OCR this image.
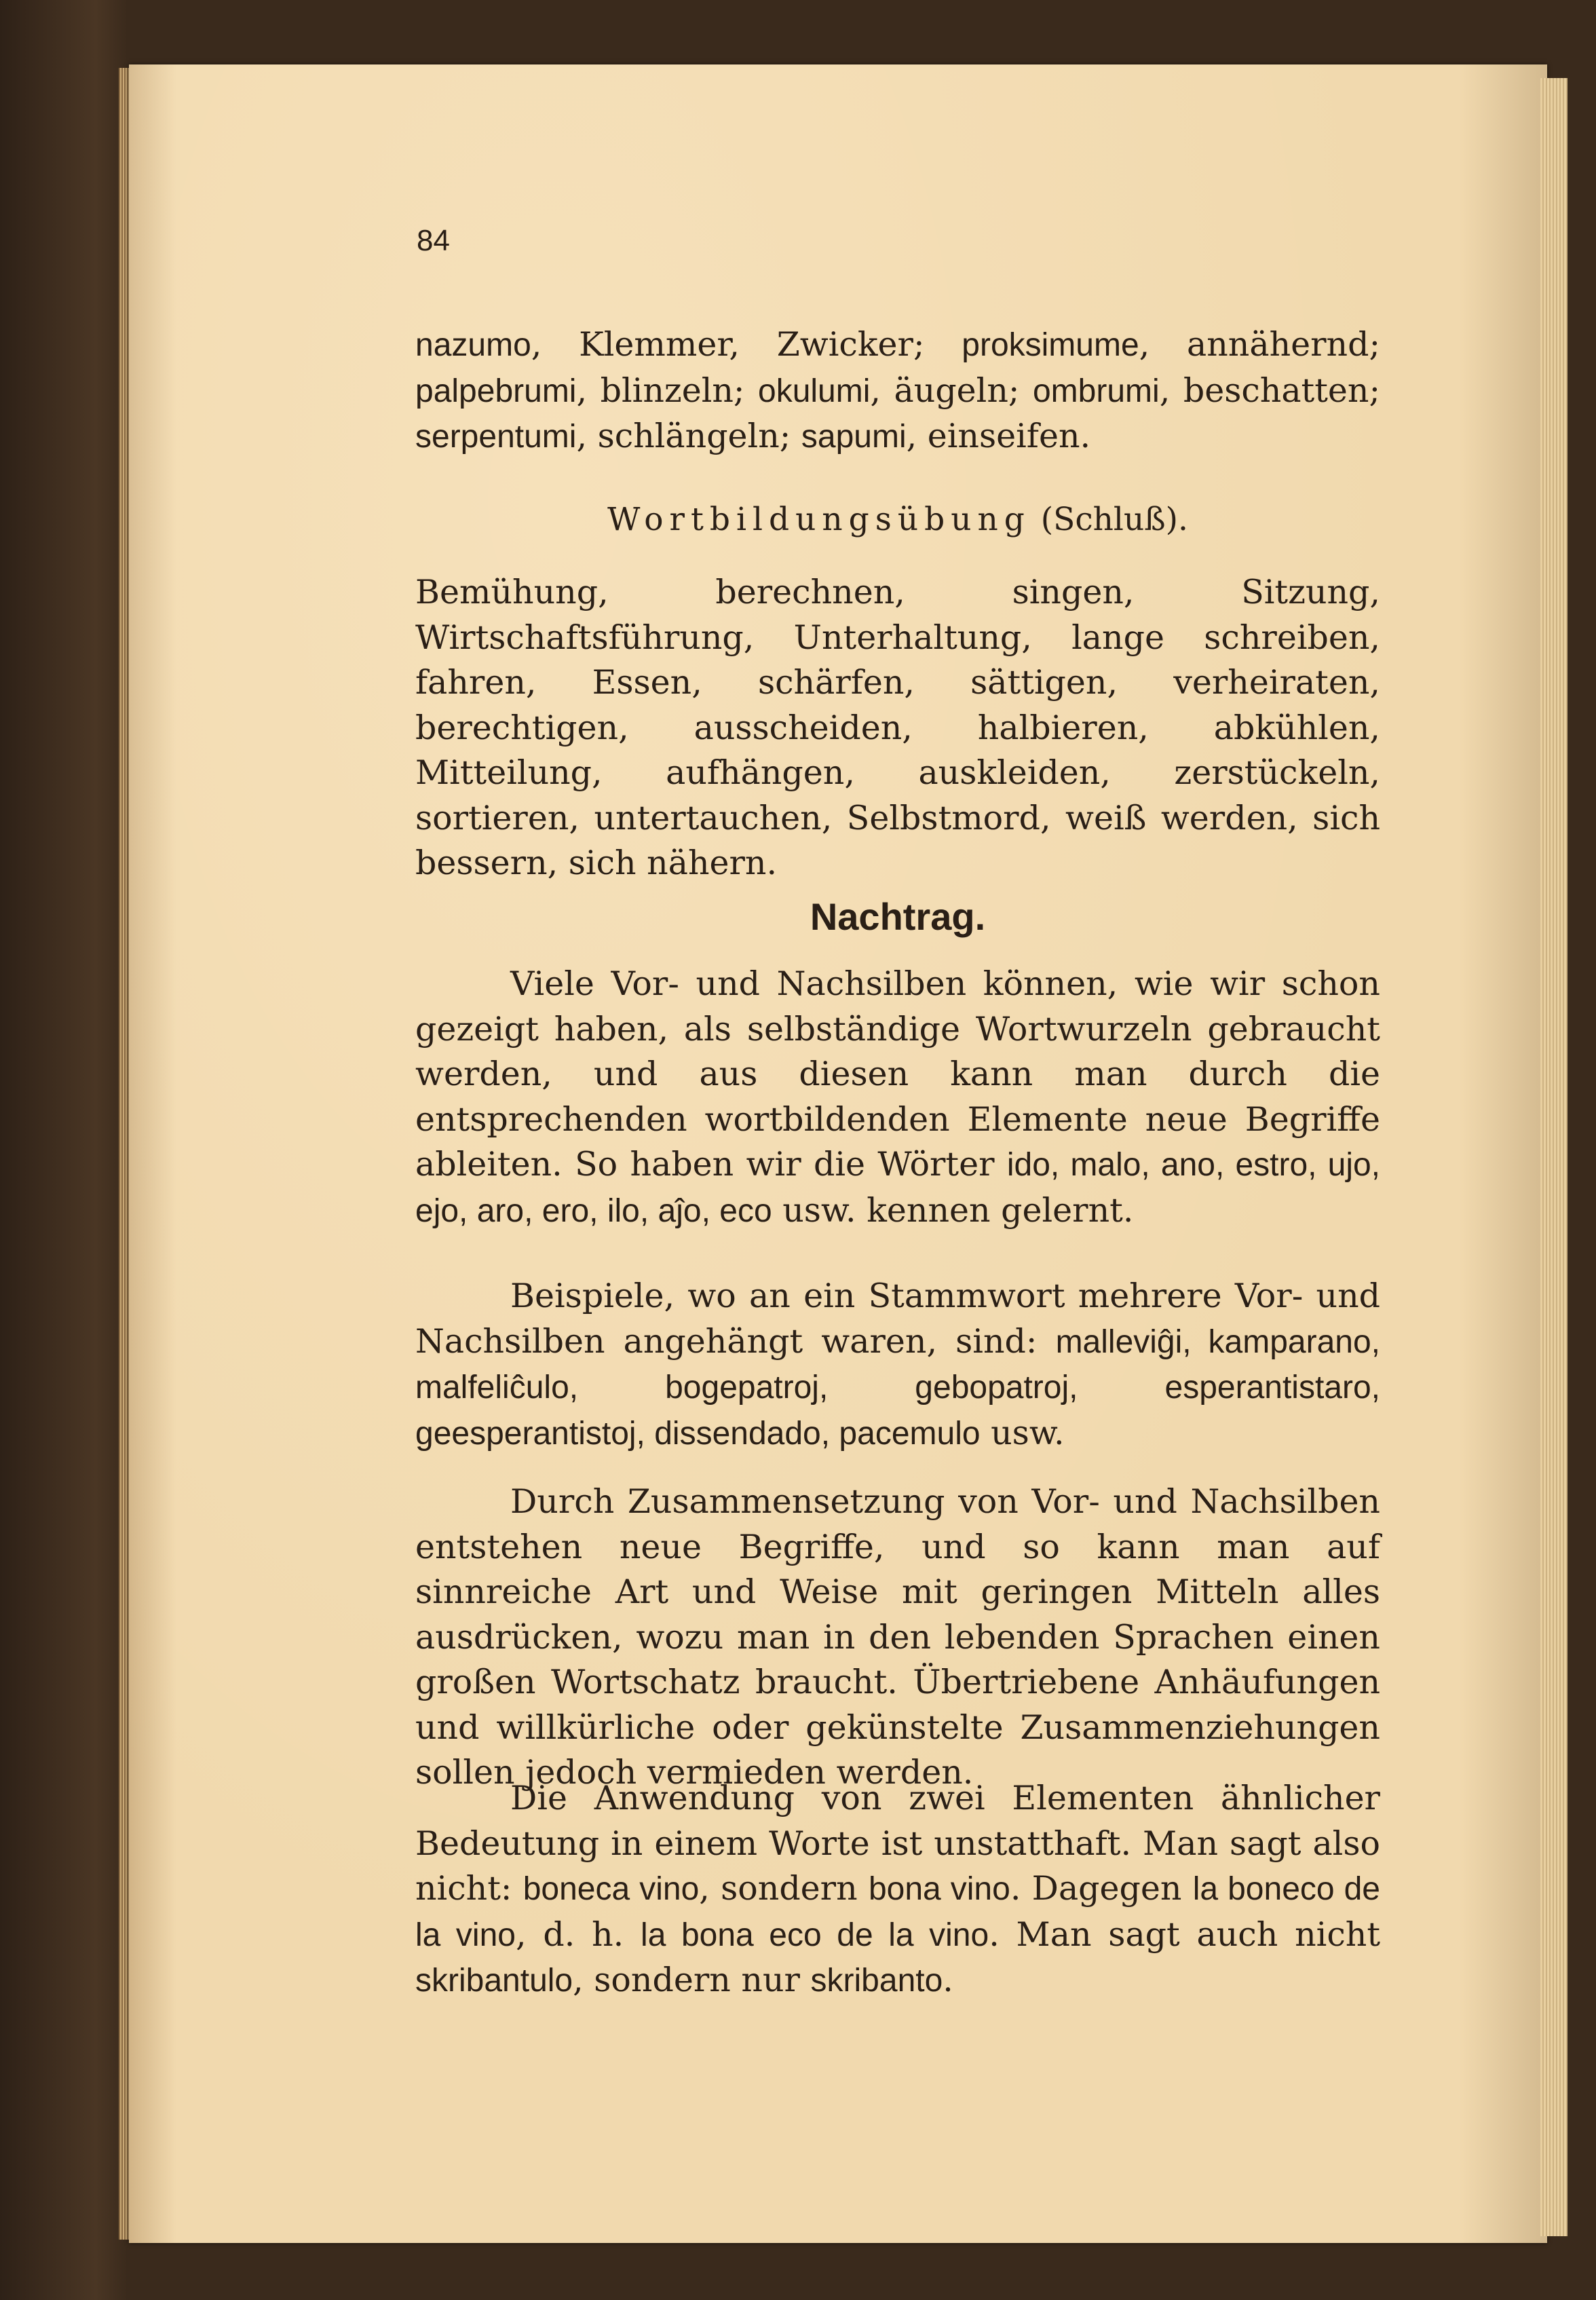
84

nazumo, Klemmer, Zwicker; proksimume, annähernd; palpebrumi, blinzeln; okulumi, äugeln; ombrumi, beschatten; serpentumi, schlängeln; sapumi, einseifen.

Wortbildungsübung (Schluß).

Bemühung, berechnen, singen, Sitzung, Wirtschaftsführung, Unterhaltung, lange schreiben, fahren, Essen, schärfen, sättigen, verheiraten, berechtigen, ausscheiden, halbieren, abkühlen, Mitteilung, aufhängen, auskleiden, zerstückeln, sortieren, untertauchen, Selbstmord, weiß werden, sich bessern, sich nähern.

Nachtrag.

Viele Vor- und Nachsilben können, wie wir schon gezeigt haben, als selbständige Wortwurzeln gebraucht werden, und aus diesen kann man durch die entsprechenden wortbildenden Elemente neue Begriffe ableiten. So haben wir die Wörter ido, malo, ano, estro, ujo, ejo, aro, ero, ilo, aĵo, eco usw. kennen gelernt.

Beispiele, wo an ein Stammwort mehrere Vor- und Nachsilben angehängt waren, sind: malleviĝi, kamparano, malfeliĉulo, bogepatroj, gebopatroj, esperantistaro, geesperantistoj, dissendado, pacemulo usw.

Durch Zusammensetzung von Vor- und Nachsilben entstehen neue Begriffe, und so kann man auf sinnreiche Art und Weise mit geringen Mitteln alles ausdrücken, wozu man in den lebenden Sprachen einen großen Wortschatz braucht. Übertriebene Anhäufungen und willkürliche oder gekünstelte Zusammenziehungen sollen jedoch vermieden werden.

Die Anwendung von zwei Elementen ähnlicher Bedeutung in einem Worte ist unstatthaft. Man sagt also nicht: boneca vino, sondern bona vino. Dagegen la boneco de la vino, d. h. la bona eco de la vino. Man sagt auch nicht skribantulo, sondern nur skribanto.
